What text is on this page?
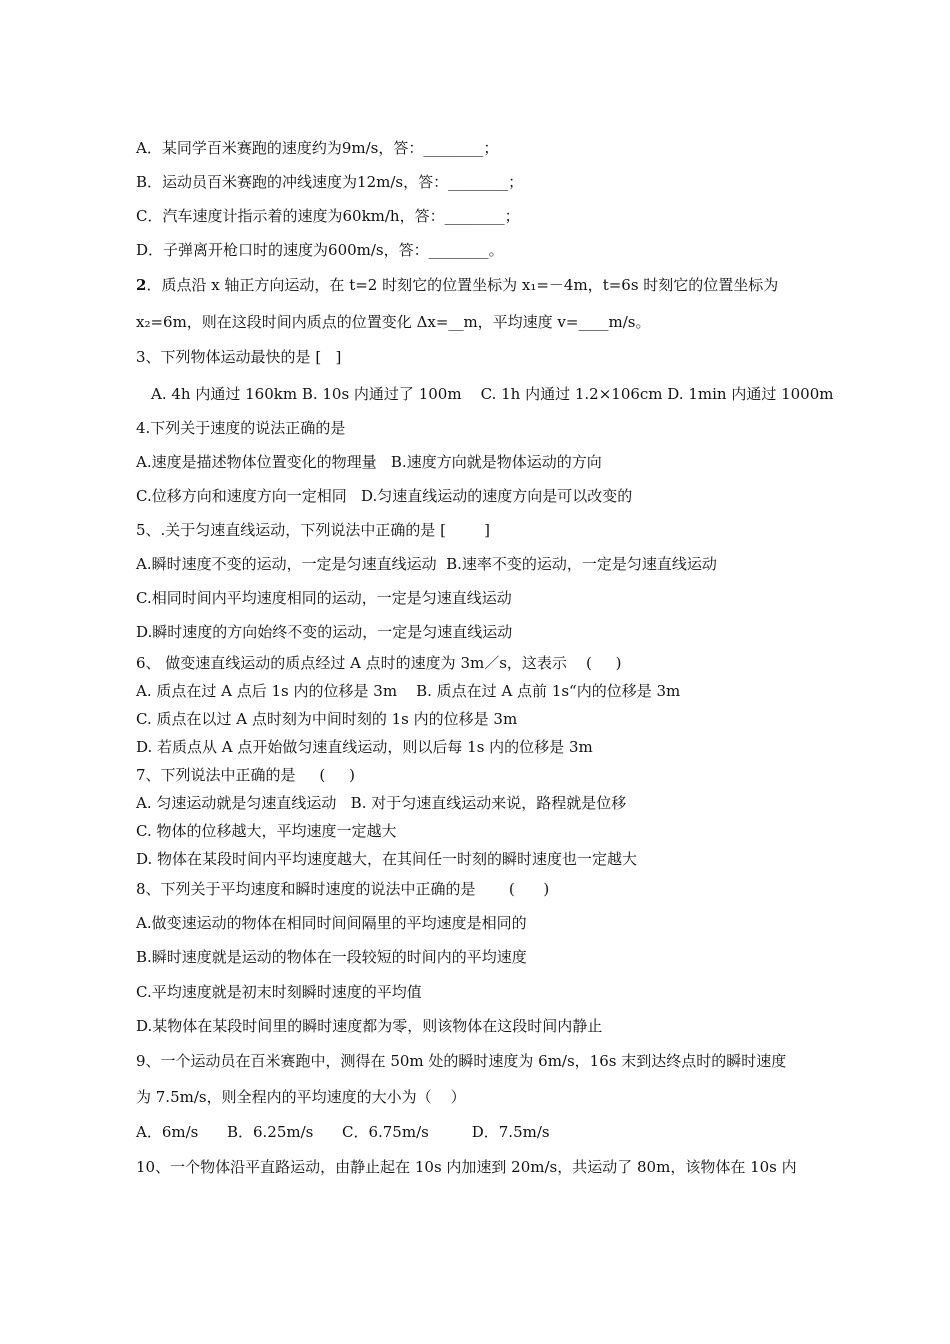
A．某同学百米赛跑的速度约为9m/s，答：________；
B．运动员百米赛跑的冲线速度为12m/s，答：________；
C．汽车速度计指示着的速度为60km/h，答：________；
D．子弹离开枪口时的速度为600m/s，答：________。
2．质点沿 x 轴正方向运动，在 t=2 时刻它的位置坐标为 x₁=－4m，t=6s 时刻它的位置坐标为
x₂=6m，则在这段时间内质点的位置变化 Δx=__m，平均速度 v=____m/s。
3、下列物体运动最快的是 [   ]
A. 4h 内通过 160km B. 10s 内通过了 100m    C. 1h 内通过 1.2×106cm D. 1min 内通过 1000m
4.下列关于速度的说法正确的是
A.速度是描述物体位置变化的物理量   B.速度方向就是物体运动的方向
C.位移方向和速度方向一定相同   D.匀速直线运动的速度方向是可以改变的
5、.关于匀速直线运动，下列说法中正确的是 [        ]
A.瞬时速度不变的运动，一定是匀速直线运动  B.速率不变的运动，一定是匀速直线运动
C.相同时间内平均速度相同的运动，一定是匀速直线运动
D.瞬时速度的方向始终不变的运动，一定是匀速直线运动
6、 做变速直线运动的质点经过 A 点时的速度为 3m／s，这表示    (     )
A. 质点在过 A 点后 1s 内的位移是 3m    B. 质点在过 A 点前 1s“内的位移是 3m
C. 质点在以过 A 点时刻为中间时刻的 1s 内的位移是 3m
D. 若质点从 A 点开始做匀速直线运动，则以后每 1s 内的位移是 3m
7、下列说法中正确的是     (     )
A. 匀速运动就是匀速直线运动   B. 对于匀速直线运动来说，路程就是位移
C. 物体的位移越大，平均速度一定越大
D. 物体在某段时间内平均速度越大，在其间任一时刻的瞬时速度也一定越大
8、下列关于平均速度和瞬时速度的说法中正确的是       (      )
A.做变速运动的物体在相同时间间隔里的平均速度是相同的
B.瞬时速度就是运动的物体在一段较短的时间内的平均速度
C.平均速度就是初末时刻瞬时速度的平均值
D.某物体在某段时间里的瞬时速度都为零，则该物体在这段时间内静止
9、一个运动员在百米赛跑中，测得在 50m 处的瞬时速度为 6m/s，16s 末到达终点时的瞬时速度
为 7.5m/s，则全程内的平均速度的大小为（    ）
A．6m/s      B．6.25m/s      C．6.75m/s         D．7.5m/s
10、一个物体沿平直路运动，由静止起在 10s 内加速到 20m/s，共运动了 80m，该物体在 10s 内
